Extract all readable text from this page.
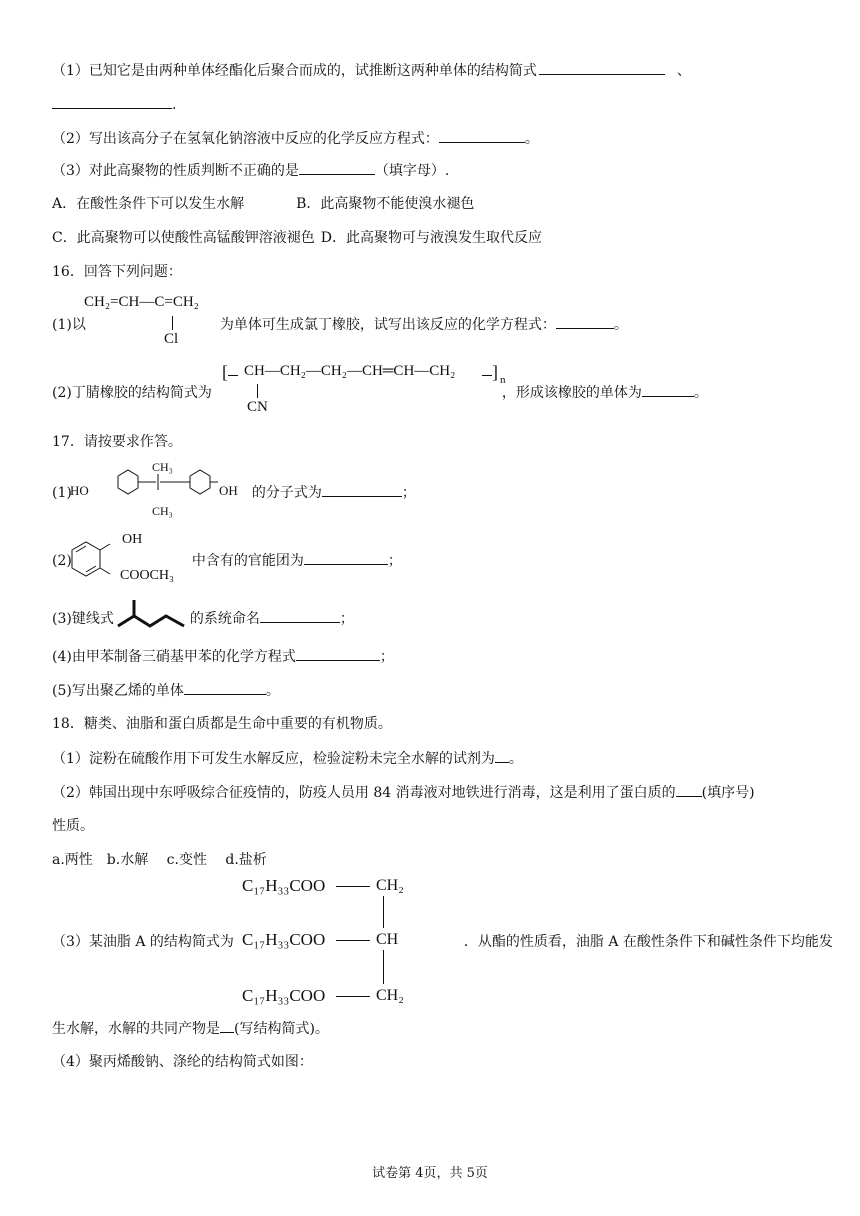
（1）已知它是由两种单体经酯化后聚合而成的，试推断这两种单体的结构简式	、
.
（2）写出该高分子在氢氧化钠溶液中反应的化学反应方程式：	。
（3）对此高聚物的性质判断不正确的是	（填字母）.
A．在酸性条件下可以发生水解	B．此高聚物不能使溴水褪色
C．此高聚物可以使酸性高锰酸钾溶液褪色 D．此高聚物可与液溴发生取代反应
16．回答下列问题：
CH₂=CH—C=CH₂
Cl
(1)以	为单体可生成氯丁橡胶，试写出该反应的化学方程式：	。
[ CH—CH₂—CH₂—CH═CH—CH₂ ] n
CN
(2)丁腈橡胶的结构简式为	，形成该橡胶的单体为	。
17．请按要求作答。
HO	OH
CH₃
CH₃
(1)	的分子式为	；
OH
COOCH₃
(2)	中含有的官能团为	；
(3)键线式	的系统命名	；
(4)由甲苯制备三硝基甲苯的化学方程式	；
(5)写出聚乙烯的单体	。
18．糖类、油脂和蛋白质都是生命中重要的有机物质。
（1）淀粉在硫酸作用下可发生水解反应，检验淀粉未完全水解的试剂为 。
（2）韩国出现中东呼吸综合征疫情的，防疫人员用 84 消毒液对地铁进行消毒，这是利用了蛋白质的 (填序号)
性质。
a.两性　b.水解　 c.变性　 d.盐析
C₁₇H₃₃COO	CH₂
C₁₇H₃₃COO	CH
C₁₇H₃₃COO	CH₂
（3）某油脂 A 的结构简式为	．从酯的性质看，油脂 A 在酸性条件下和碱性条件下均能发
生水解，水解的共同产物是 (写结构简式)。
（4）聚丙烯酸钠、涤纶的结构简式如图：
试卷第 4页，共 5页
